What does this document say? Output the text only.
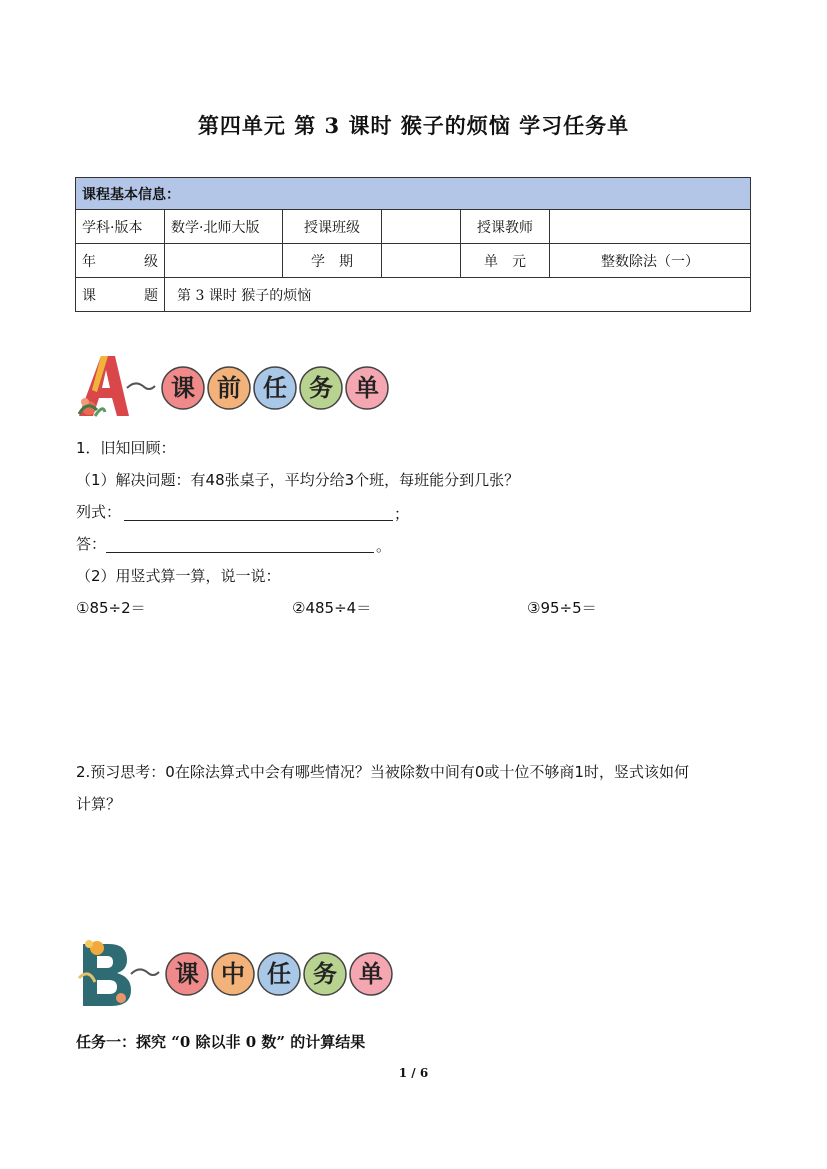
第四单元 第 3 课时 猴子的烦恼 学习任务单
课程基本信息：					
学科·版本	数学·北师大版	授课班级		授课教师	
年　级		学　期		单　元	整数除法（一）
课　　题	第 3 课时 猴子的烦恼				
课 前 任 务 单
1．旧知回顾：
（1）解决问题：有48张桌子，平均分给3个班，每班能分到几张？
列式：	；
答：	。
（2）用竖式算一算，说一说：
①85÷2＝	②485÷4＝	③95÷5＝
2.预习思考：0在除法算式中会有哪些情况？当被除数中间有0或十位不够商1时，竖式该如何
计算？
课 中 任 务 单
任务一：探究 “0 除以非 0 数” 的计算结果
1 / 6
